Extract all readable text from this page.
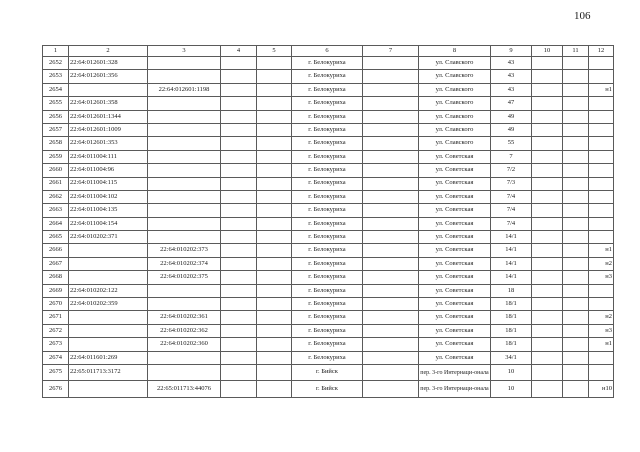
106
1	2	3	4	5	6	7	8	9	10	11	12
2652	22:64:012601:328				г. Белокуриха		ул. Славского	43			
2653	22:64:012601:356				г. Белокуриха		ул. Славского	43			
2654		22:64:012601:1198			г. Белокуриха		ул. Славского	43			н1
2655	22:64:012601:358				г. Белокуриха		ул. Славского	47			
2656	22:64:012601:1344				г. Белокуриха		ул. Славского	49			
2657	22:64:012601:1009				г. Белокуриха		ул. Славского	49			
2658	22:64:012601:353				г. Белокуриха		ул. Славского	55			
2659	22:64:011004:111				г. Белокуриха		ул. Советская	7			
2660	22:64:011004:96				г. Белокуриха		ул. Советская	7/2			
2661	22:64:011004:115				г. Белокуриха		ул. Советская	7/3			
2662	22:64:011004:102				г. Белокуриха		ул. Советская	7/4			
2663	22:64:011004:135				г. Белокуриха		ул. Советская	7/4			
2664	22:64:011004:154				г. Белокуриха		ул. Советская	7/4			
2665	22:64:010202:371				г. Белокуриха		ул. Советская	14/1			
2666		22:64:010202:373			г. Белокуриха		ул. Советская	14/1			н1
2667		22:64:010202:374			г. Белокуриха		ул. Советская	14/1			н2
2668		22:64:010202:375			г. Белокуриха		ул. Советская	14/1			н3
2669	22:64:010202:122				г. Белокуриха		ул. Советская	18			
2670	22:64:010202:359				г. Белокуриха		ул. Советская	18/1			
2671		22:64:010202:361			г. Белокуриха		ул. Советская	18/1			н2
2672		22:64:010202:362			г. Белокуриха		ул. Советская	18/1			н3
2673		22:64:010202:360			г. Белокуриха		ул. Советская	18/1			н1
2674	22:64:011601:269				г. Белокуриха		ул. Советская	34/1			
2675	22:65:011713:3172				г. Бийск		пер. 3-го Интернаци-онала	10			
2676		22:65:011713:44076			г. Бийск		пер. 3-го Интернаци-онала	10			н10
